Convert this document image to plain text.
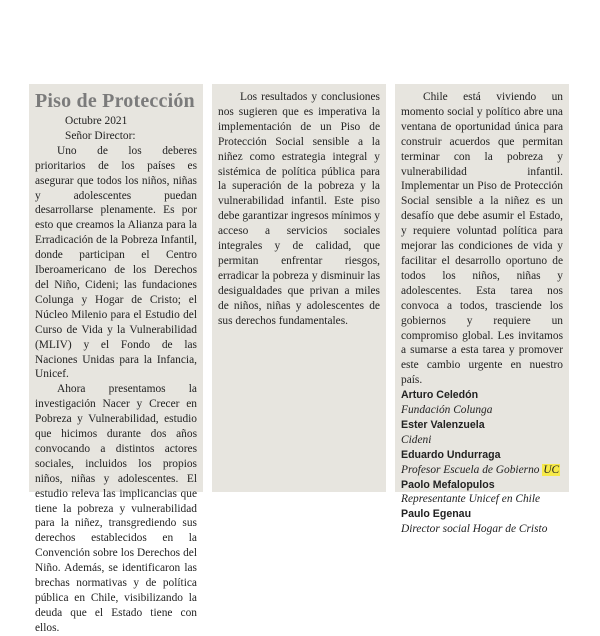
Piso de Protección
Octubre 2021
Señor Director:

Uno de los deberes prioritarios de los países es asegurar que todos los niños, niñas y adolescentes puedan desarrollarse plenamente. Es por esto que creamos la Alianza para la Erradicación de la Pobreza Infantil, donde participan el Centro Iberoamericano de los Derechos del Niño, Cideni; las fundaciones Colunga y Hogar de Cristo; el Núcleo Milenio para el Estudio del Curso de Vida y la Vulnerabilidad (MLIV) y el Fondo de las Naciones Unidas para la Infancia, Unicef.

Ahora presentamos la investigación Nacer y Crecer en Pobreza y Vulnerabilidad, estudio que hicimos durante dos años convocando a distintos actores sociales, incluidos los propios niños, niñas y adolescentes. El estudio releva las implicancias que tiene la pobreza y vulnerabilidad para la niñez, transgrediendo sus derechos establecidos en la Convención sobre los Derechos del Niño. Además, se identificaron las brechas normativas y de política pública en Chile, visibilizando la deuda que el Estado tiene con ellos.

Los resultados y conclusiones nos sugieren que es imperativa la implementación de un Piso de Protección Social sensible a la niñez como estrategia integral y sistémica de política pública para la superación de la pobreza y la vulnerabilidad infantil. Este piso debe garantizar ingresos mínimos y acceso a servicios sociales integrales y de calidad, que permitan enfrentar riesgos, erradicar la pobreza y disminuir las desigualdades que privan a miles de niños, niñas y adolescentes de sus derechos fundamentales.

Chile está viviendo un momento social y político abre una ventana de oportunidad única para construir acuerdos que permitan terminar con la pobreza y vulnerabilidad infantil. Implementar un Piso de Protección Social sensible a la niñez es un desafío que debe asumir el Estado, y requiere voluntad política para mejorar las condiciones de vida y facilitar el desarrollo oportuno de todos los niños, niñas y adolescentes. Esta tarea nos convoca a todos, trasciende los gobiernos y requiere un compromiso global. Les invitamos a sumarse a esta tarea y promover este cambio urgente en nuestro país.

Arturo Celedón
Fundación Colunga
Ester Valenzuela
Cideni
Eduardo Undurraga
Profesor Escuela de Gobierno UC
Paolo Mefalopulos
Representante Unicef en Chile
Paulo Egenau
Director social Hogar de Cristo
